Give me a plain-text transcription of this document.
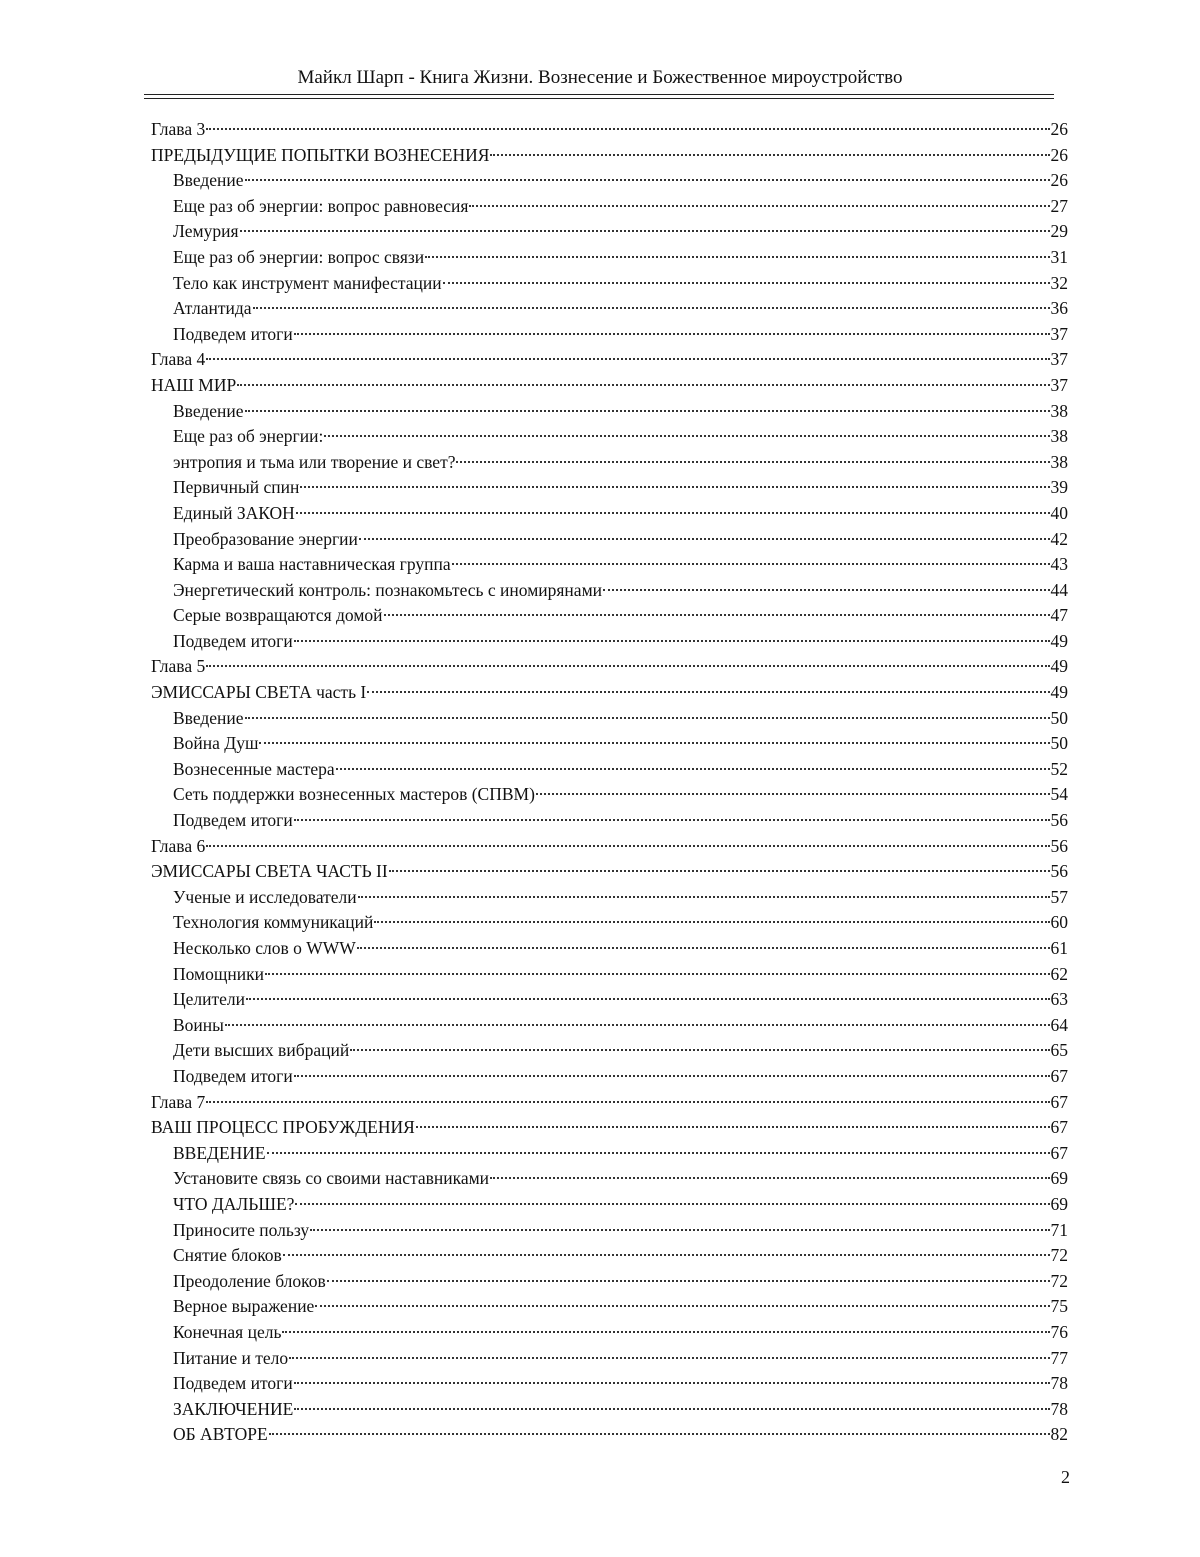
Майкл Шарп - Книга Жизни. Вознесение и Божественное мироустройство
Глава 3	26
ПРЕДЫДУЩИЕ ПОПЫТКИ ВОЗНЕСЕНИЯ	26
Введение	26
Еще раз об энергии: вопрос равновесия	27
Лемурия	29
Еще раз об энергии: вопрос связи	31
Тело как инструмент манифестации	32
Атлантида	36
Подведем итоги	37
Глава 4	37
НАШ МИР	37
Введение	38
Еще раз об энергии:	38
энтропия и тьма или творение и свет?	38
Первичный спин	39
Единый ЗАКОН	40
Преобразование энергии	42
Карма и ваша наставническая группа	43
Энергетический контроль: познакомьтесь с иномирянами	44
Серые возвращаются домой	47
Подведем итоги	49
Глава 5	49
ЭМИССАРЫ СВЕТА часть I	49
Введение	50
Война Душ	50
Вознесенные мастера	52
Сеть поддержки вознесенных мастеров (СПВМ)	54
Подведем итоги	56
Глава 6	56
ЭМИССАРЫ СВЕТА ЧАСТЬ II	56
Ученые и исследователи	57
Технология коммуникаций	60
Несколько слов о WWW	61
Помощники	62
Целители	63
Воины	64
Дети высших вибраций	65
Подведем итоги	67
Глава 7	67
ВАШ ПРОЦЕСС ПРОБУЖДЕНИЯ	67
ВВЕДЕНИЕ	67
Установите связь со своими наставниками	69
ЧТО ДАЛЬШЕ?	69
Приносите пользу	71
Снятие блоков	72
Преодоление блоков	72
Верное выражение	75
Конечная цель	76
Питание и тело	77
Подведем итоги	78
ЗАКЛЮЧЕНИЕ	78
ОБ АВТОРЕ	82
2
